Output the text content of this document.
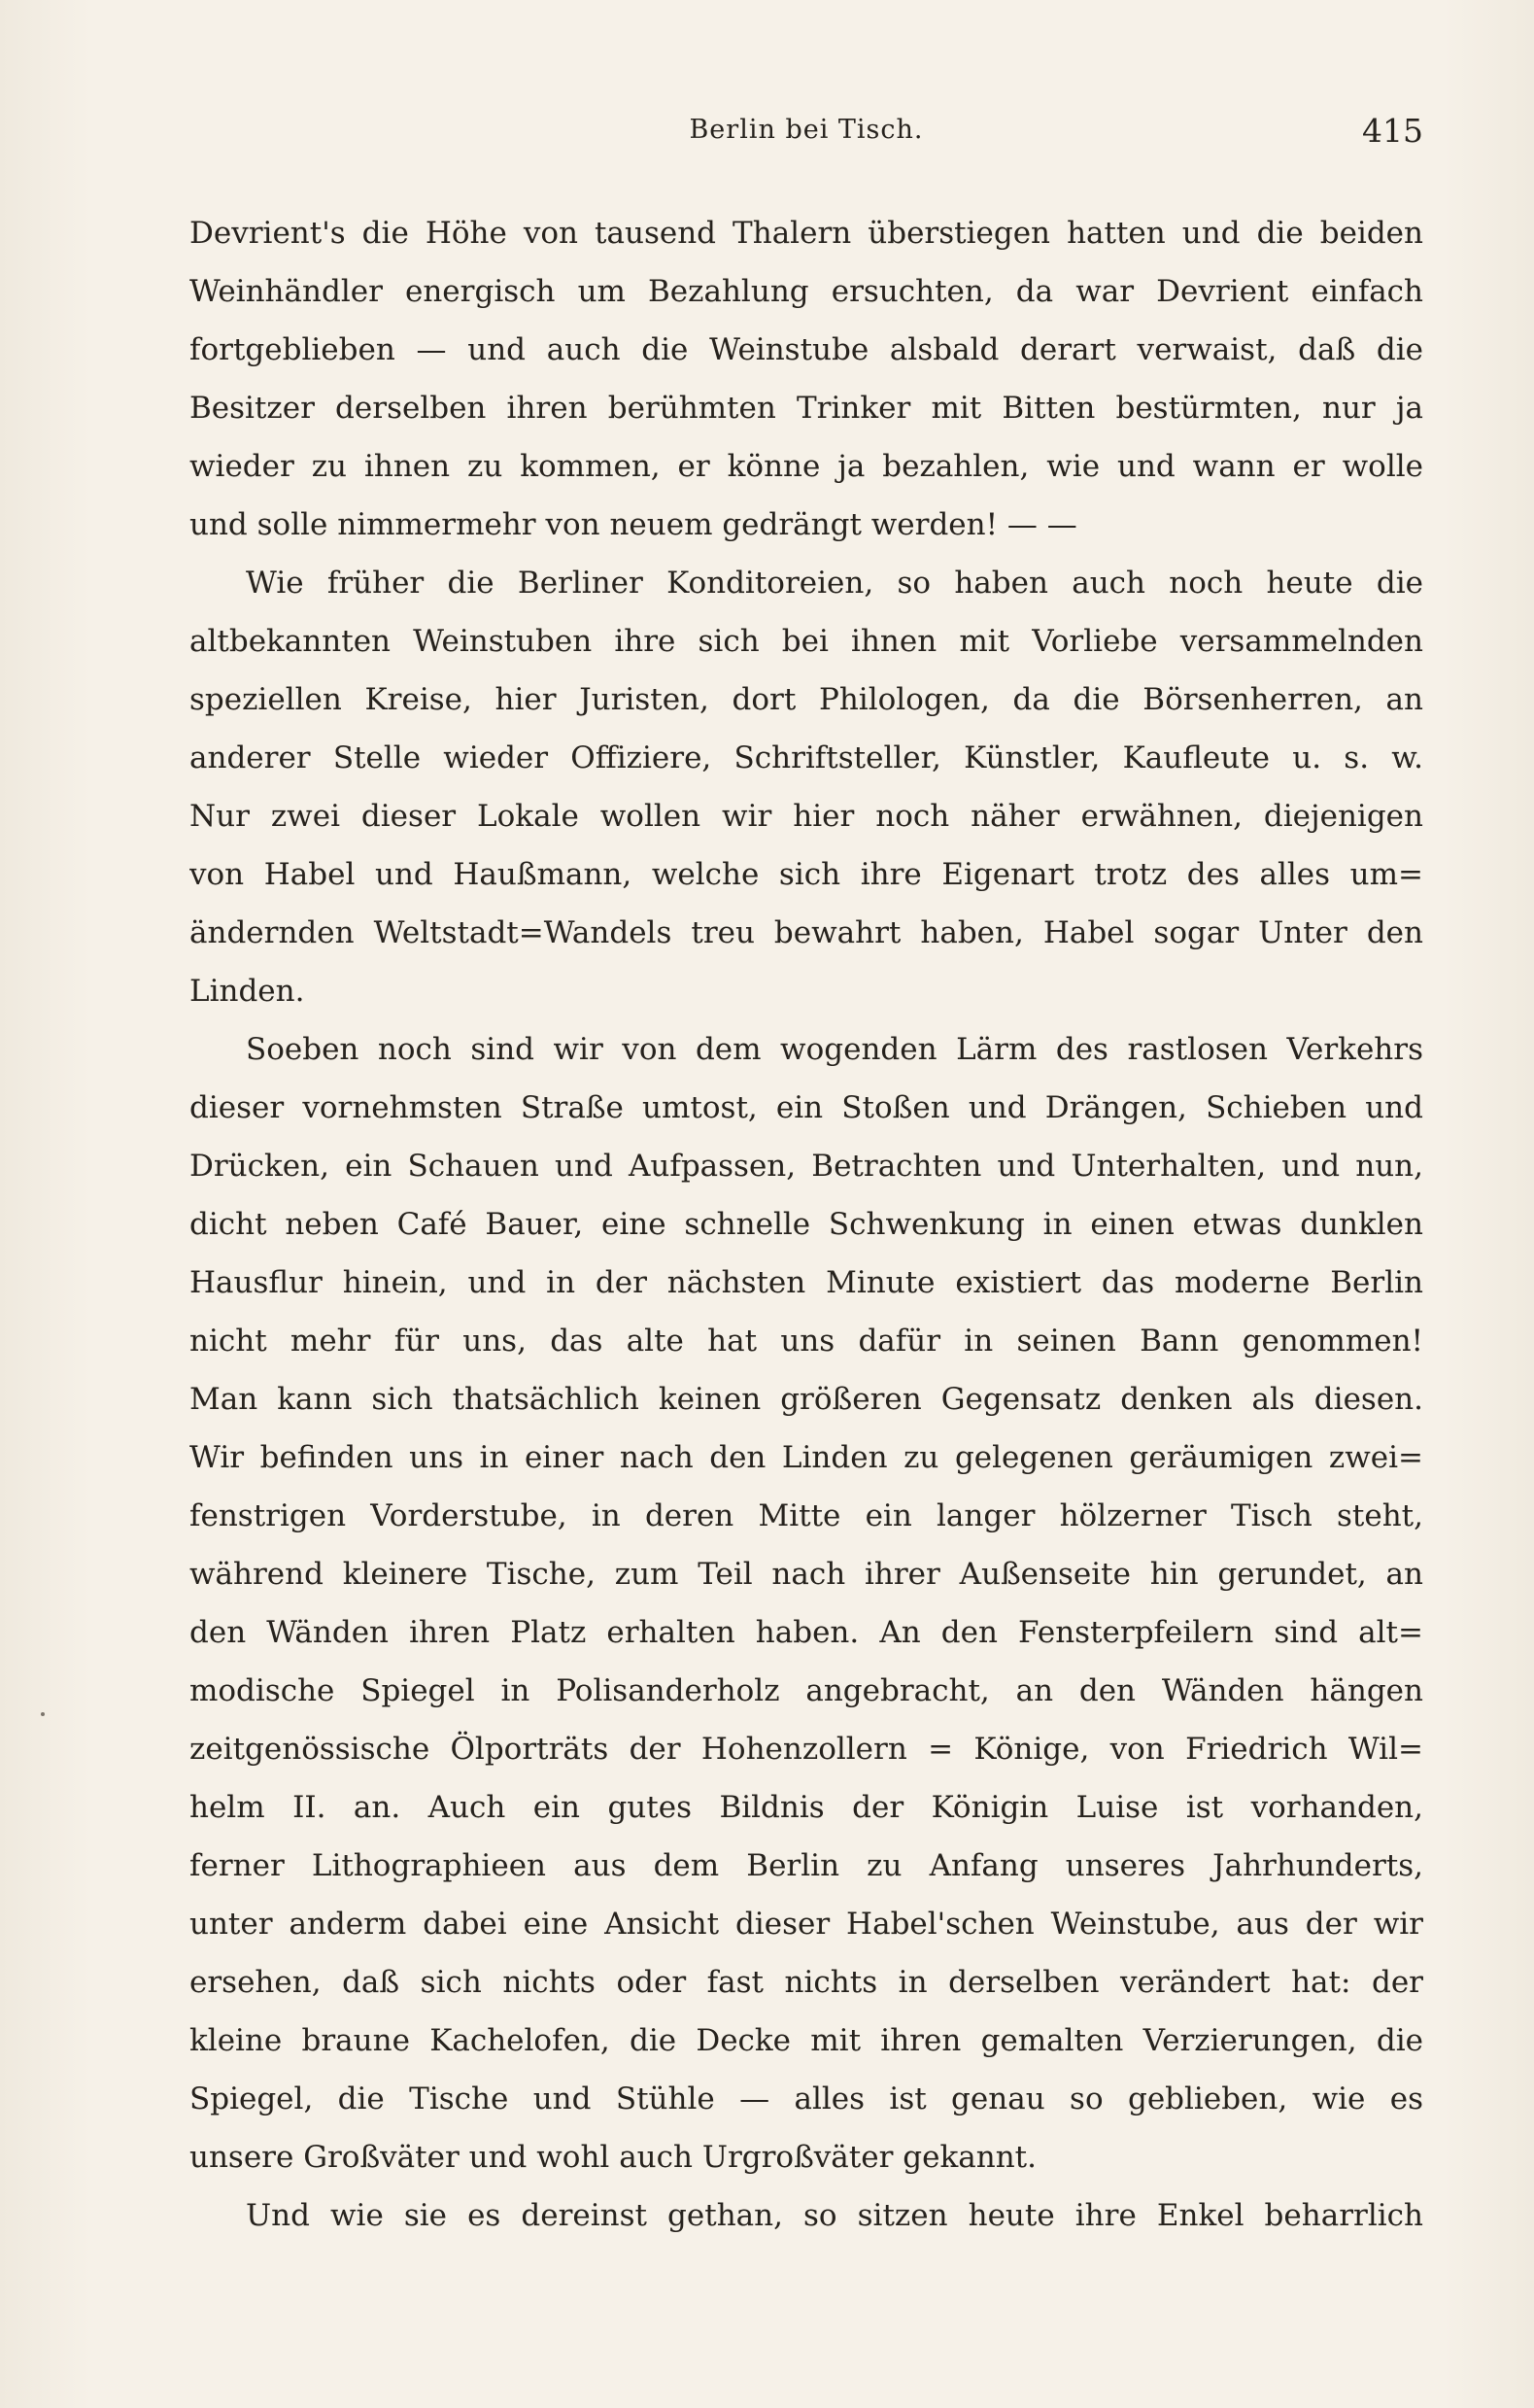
Berlin bei Tisch.	415
Devrient's die Höhe von tausend Thalern überstiegen hatten und die beiden
Weinhändler energisch um Bezahlung ersuchten, da war Devrient einfach
fortgeblieben — und auch die Weinstube alsbald derart verwaist, daß die
Besitzer derselben ihren berühmten Trinker mit Bitten bestürmten, nur ja
wieder zu ihnen zu kommen, er könne ja bezahlen, wie und wann er wolle
und solle nimmermehr von neuem gedrängt werden! — —
Wie früher die Berliner Konditoreien, so haben auch noch heute die
altbekannten Weinstuben ihre sich bei ihnen mit Vorliebe versammelnden
speziellen Kreise, hier Juristen, dort Philologen, da die Börsenherren, an
anderer Stelle wieder Offiziere, Schriftsteller, Künstler, Kaufleute u. s. w.
Nur zwei dieser Lokale wollen wir hier noch näher erwähnen, diejenigen
von Habel und Haußmann, welche sich ihre Eigenart trotz des alles um=
ändernden Weltstadt=Wandels treu bewahrt haben, Habel sogar Unter den
Linden.
Soeben noch sind wir von dem wogenden Lärm des rastlosen Verkehrs
dieser vornehmsten Straße umtost, ein Stoßen und Drängen, Schieben und
Drücken, ein Schauen und Aufpassen, Betrachten und Unterhalten, und nun,
dicht neben Café Bauer, eine schnelle Schwenkung in einen etwas dunklen
Hausflur hinein, und in der nächsten Minute existiert das moderne Berlin
nicht mehr für uns, das alte hat uns dafür in seinen Bann genommen!
Man kann sich thatsächlich keinen größeren Gegensatz denken als diesen.
Wir befinden uns in einer nach den Linden zu gelegenen geräumigen zwei=
fenstrigen Vorderstube, in deren Mitte ein langer hölzerner Tisch steht,
während kleinere Tische, zum Teil nach ihrer Außenseite hin gerundet, an
den Wänden ihren Platz erhalten haben. An den Fensterpfeilern sind alt=
modische Spiegel in Polisanderholz angebracht, an den Wänden hängen
zeitgenössische Ölporträts der Hohenzollern = Könige, von Friedrich Wil=
helm II. an. Auch ein gutes Bildnis der Königin Luise ist vorhanden,
ferner Lithographieen aus dem Berlin zu Anfang unseres Jahrhunderts,
unter anderm dabei eine Ansicht dieser Habel'schen Weinstube, aus der wir
ersehen, daß sich nichts oder fast nichts in derselben verändert hat: der
kleine braune Kachelofen, die Decke mit ihren gemalten Verzierungen, die
Spiegel, die Tische und Stühle — alles ist genau so geblieben, wie es
unsere Großväter und wohl auch Urgroßväter gekannt.
Und wie sie es dereinst gethan, so sitzen heute ihre Enkel beharrlich
